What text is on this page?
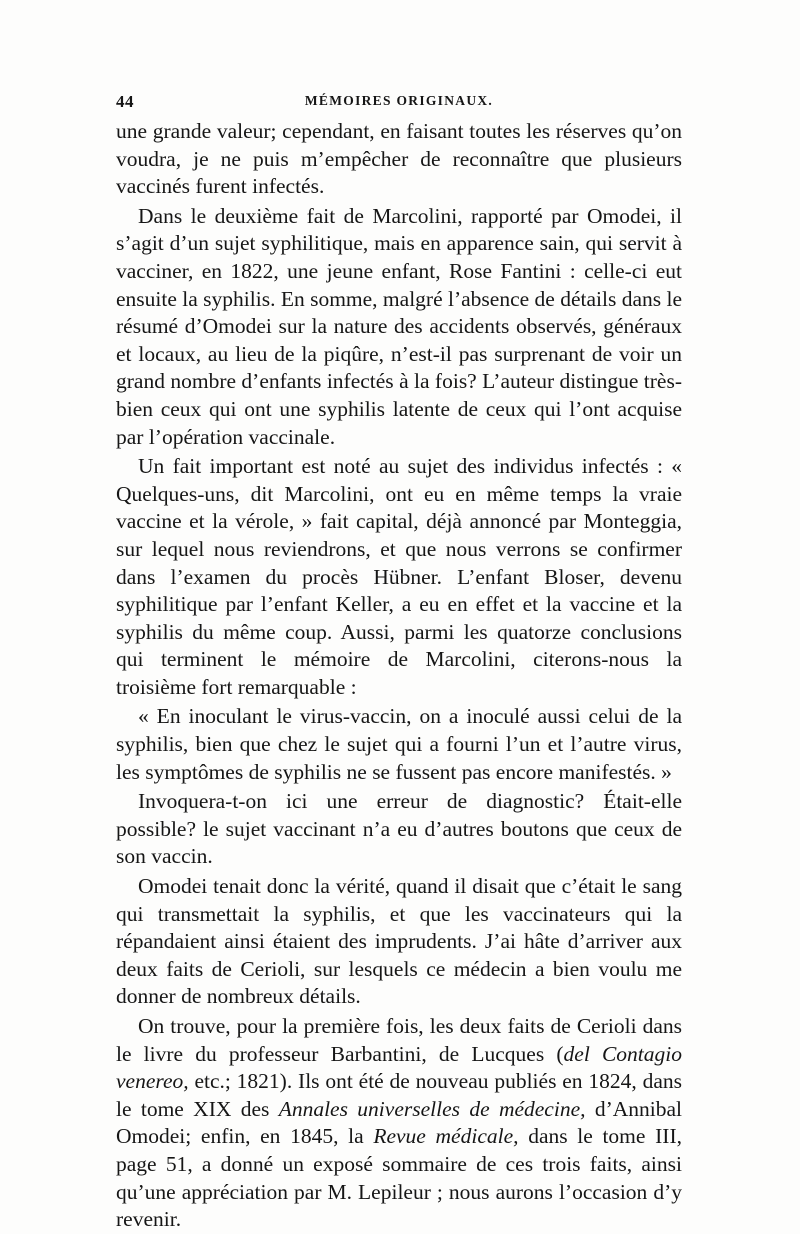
44	MÉMOIRES ORIGINAUX.

une grande valeur; cependant, en faisant toutes les réserves qu’on voudra, je ne puis m’empêcher de reconnaître que plusieurs vaccinés furent infectés.

Dans le deuxième fait de Marcolini, rapporté par Omodei, il s’agit d’un sujet syphilitique, mais en apparence sain, qui servit à vacciner, en 1822, une jeune enfant, Rose Fantini : celle-ci eut ensuite la syphilis. En somme, malgré l’absence de détails dans le résumé d’Omodei sur la nature des accidents observés, généraux et locaux, au lieu de la piqûre, n’est-il pas surprenant de voir un grand nombre d’enfants infectés à la fois? L’auteur distingue très-bien ceux qui ont une syphilis latente de ceux qui l’ont acquise par l’opération vaccinale.

Un fait important est noté au sujet des individus infectés : « Quelques-uns, dit Marcolini, ont eu en même temps la vraie vaccine et la vérole, » fait capital, déjà annoncé par Monteggia, sur lequel nous reviendrons, et que nous verrons se confirmer dans l’examen du procès Hübner. L’enfant Bloser, devenu syphilitique par l’enfant Keller, a eu en effet et la vaccine et la syphilis du même coup. Aussi, parmi les quatorze conclusions qui terminent le mémoire de Marcolini, citerons-nous la troisième fort remarquable :

« En inoculant le virus-vaccin, on a inoculé aussi celui de la syphilis, bien que chez le sujet qui a fourni l’un et l’autre virus, les symptômes de syphilis ne se fussent pas encore manifestés. »

Invoquera-t-on ici une erreur de diagnostic? Était-elle possible? le sujet vaccinant n’a eu d’autres boutons que ceux de son vaccin.

Omodei tenait donc la vérité, quand il disait que c’était le sang qui transmettait la syphilis, et que les vaccinateurs qui la répandaient ainsi étaient des imprudents. J’ai hâte d’arriver aux deux faits de Cerioli, sur lesquels ce médecin a bien voulu me donner de nombreux détails.

On trouve, pour la première fois, les deux faits de Cerioli dans le livre du professeur Barbantini, de Lucques (del Contagio venereo, etc.; 1821). Ils ont été de nouveau publiés en 1824, dans le tome XIX des Annales universelles de médecine, d’Annibal Omodei; enfin, en 1845, la Revue médicale, dans le tome III, page 51, a donné un exposé sommaire de ces trois faits, ainsi qu’une appréciation par M. Lepileur ; nous aurons l’occasion d’y revenir.
